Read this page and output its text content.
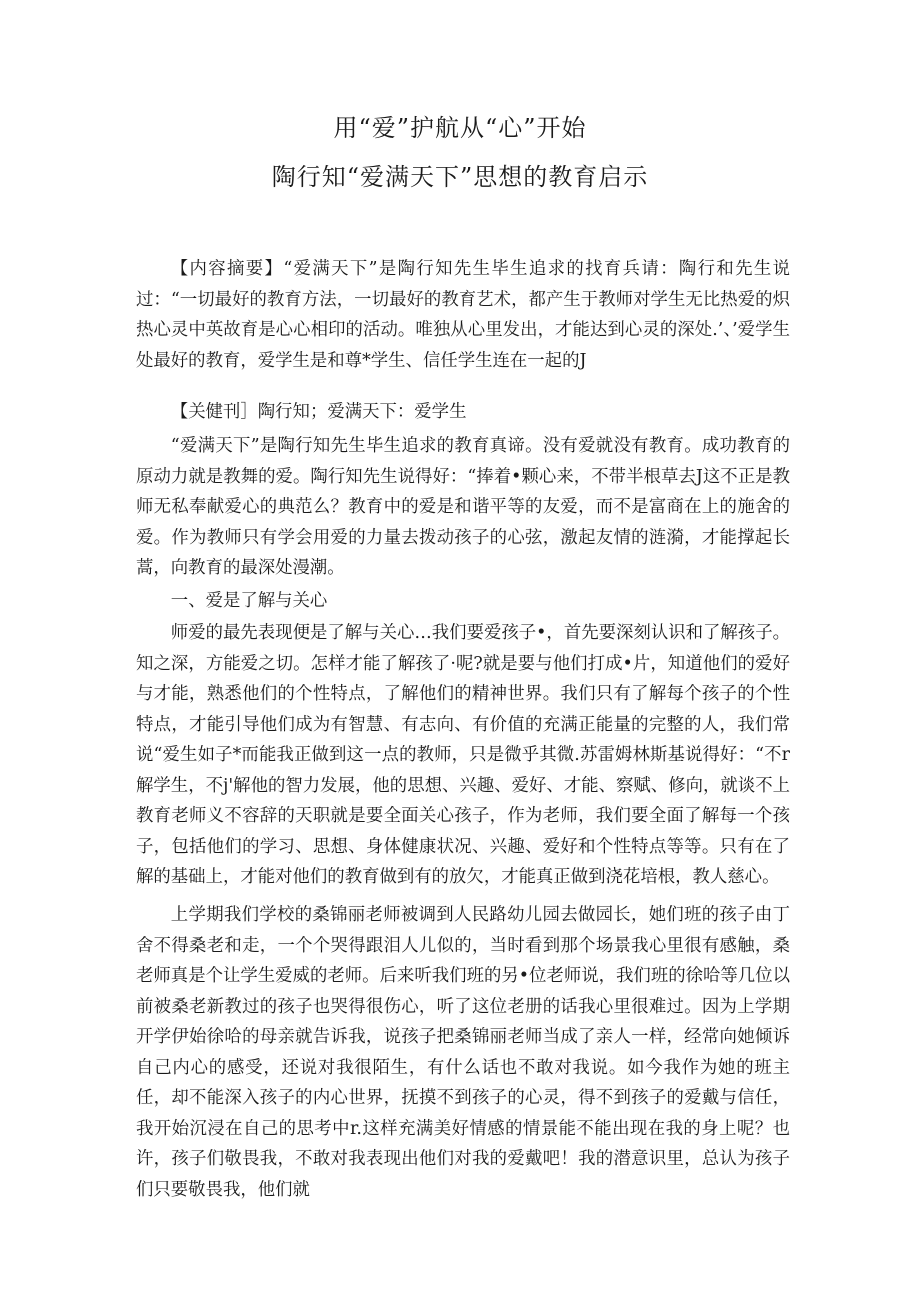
用“爱”护航从“心”开始
陶行知“爱满天下”思想的教育启示

【内容摘要】“爱满天下”是陶行知先生毕生追求的找育兵请：陶行和先生说过：“一切最好的教育方法，一切最好的教育艺术，都产生于教师对学生无比热爱的炽热心灵中英故育是心心相印的活动。唯独从心里发出，才能达到心灵的深处.’、’爱学生处最好的教育，爱学生是和尊*学生、信任学生连在一起的J

【关健刊］陶行知；爱满天下：爱学生

“爱满天下”是陶行知先生毕生追求的教育真谛。没有爱就没有教育。成功教育的原动力就是教舞的爱。陶行知先生说得好：“捧着•颗心来，不带半根草去J这不正是教师无私奉献爱心的典范么？教育中的爱是和谐平等的友爱，而不是富商在上的施舍的爱。作为教师只有学会用爱的力量去拨动孩子的心弦，激起友情的涟漪，才能撑起长蒿，向教育的最深处漫潮。

一、爱是了解与关心

师爱的最先表现便是了解与关心…我们要爱孩子•，首先要深刻认识和了解孩子。知之深，方能爱之切。怎样才能了解孩了·呢?就是要与他们打成•片，知道他们的爱好与才能，熟悉他们的个性特点，了解他们的精神世界。我们只有了解每个孩子的个性特点，才能引导他们成为有智慧、有志向、有价值的充满正能量的完整的人，我们常说“爱生如子*而能我正做到这一点的教师，只是微乎其微.苏雷姆林斯基说得好：“不r解学生，不j'解他的智力发展，他的思想、兴趣、爱好、才能、察赋、修向，就谈不上教育老师义不容辞的天职就是要全面关心孩子，作为老师，我们要全面了解每一个孩子，包括他们的学习、思想、身体健康状况、兴趣、爱好和个性特点等等。只有在了解的基础上，才能对他们的教育做到有的放欠，才能真正做到浇花培根，教人慈心。

上学期我们学校的桑锦丽老师被调到人民路幼儿园去做园长，她们班的孩子由丁舍不得桑老和走，一个个哭得跟泪人儿似的，当时看到那个场景我心里很有感触，桑老师真是个让学生爱威的老师。后来听我们班的另•位老师说，我们班的徐哈等几位以前被桑老新教过的孩子也哭得很伤心，听了这位老册的话我心里很难过。因为上学期开学伊始徐哈的母亲就告诉我，说孩子把桑锦丽老师当成了亲人一样，经常向她倾诉自己内心的感受，还说对我很陌生，有什么话也不敢对我说。如今我作为她的班主任，却不能深入孩子的内心世界，抚摸不到孩子的心灵，得不到孩子的爱戴与信任，我开始沉浸在自己的思考中r.这样充满美好情感的情景能不能出现在我的身上呢？也许，孩子们敬畏我，不敢对我表现出他们对我的爱戴吧！我的潜意识里，总认为孩子们只要敬畏我，他们就
